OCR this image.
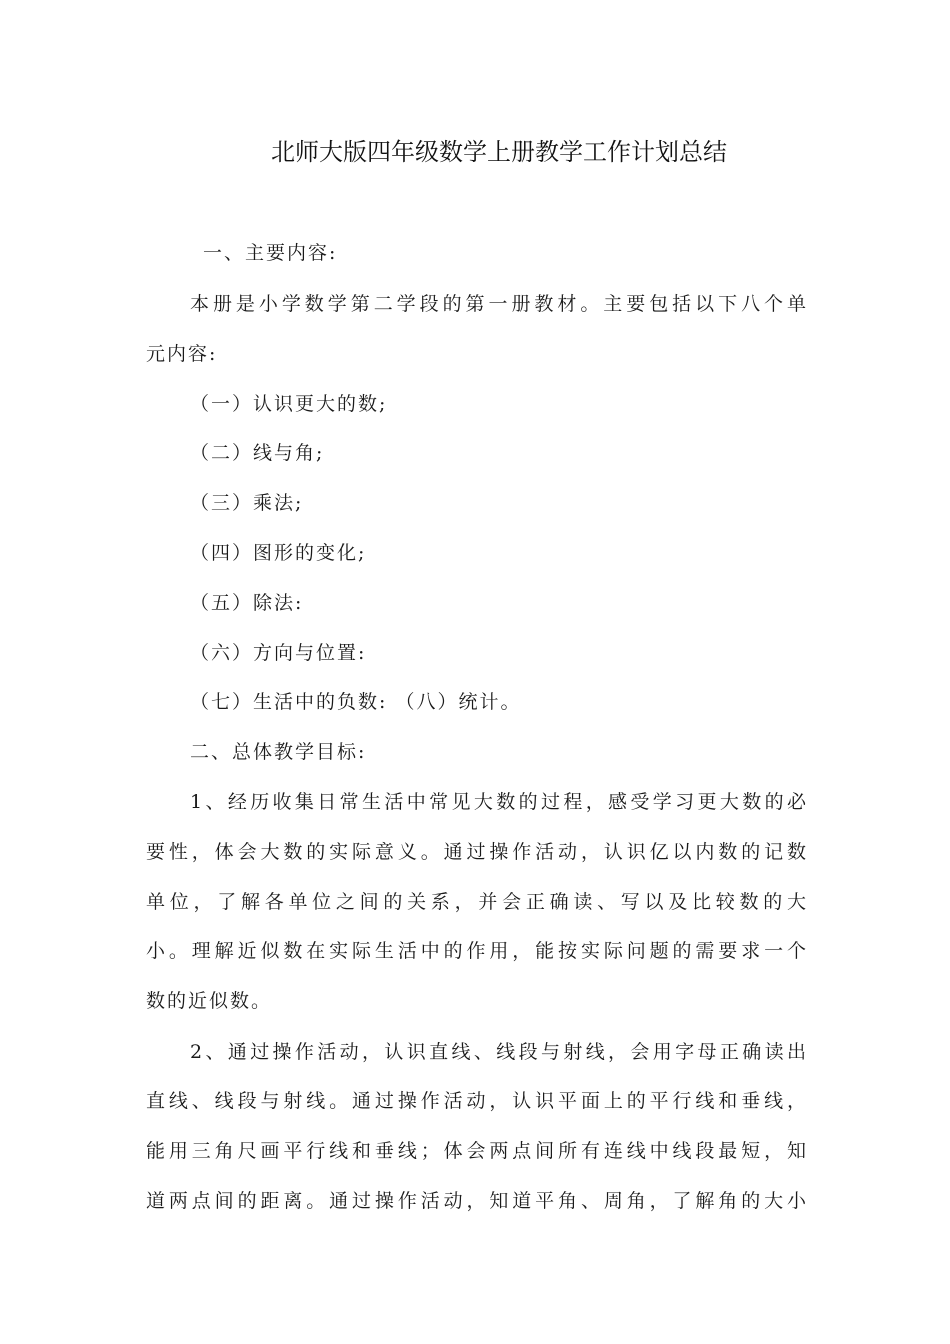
北师大版四年级数学上册教学工作计划总结
一、主要内容:
本册是小学数学第二学段的第一册教材。主要包括以下八个单
元内容:
（一）认识更大的数;
（二）线与角;
（三）乘法;
（四）图形的变化;
（五）除法:
（六）方向与位置:
（七）生活中的负数: （八）统计。
二、总体教学目标:
1、经历收集日常生活中常见大数的过程，感受学习更大数的必
要性，体会大数的实际意义。通过操作活动，认识亿以内数的记数
单位，了解各单位之间的关系，并会正确读、写以及比较数的大
小。理解近似数在实际生活中的作用，能按实际问题的需要求一个
数的近似数。
2、通过操作活动，认识直线、线段与射线，会用字母正确读出
直线、线段与射线。通过操作活动，认识平面上的平行线和垂线，
能用三角尺画平行线和垂线；体会两点间所有连线中线段最短，知
道两点间的距离。通过操作活动，知道平角、周角，了解角的大小
